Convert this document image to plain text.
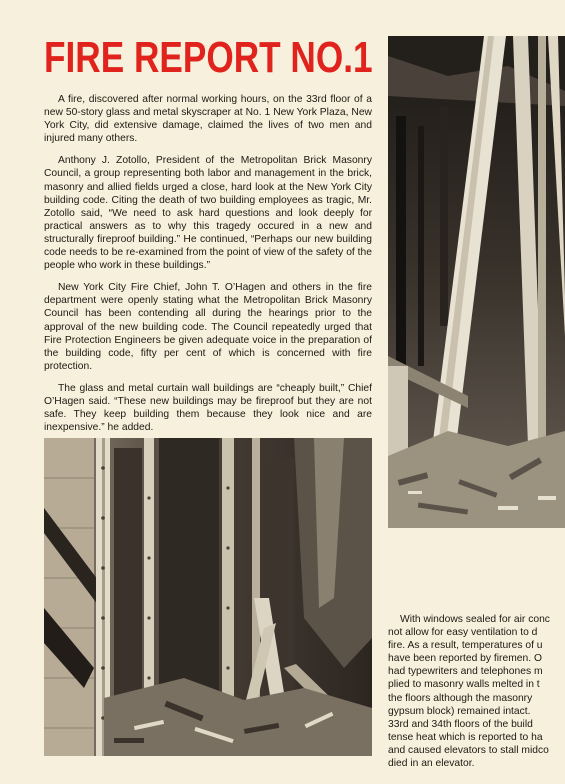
FIRE REPORT NO.1

A fire, discovered after normal working hours, on the 33rd floor of a new 50-story glass and metal skyscraper at No. 1 New York Plaza, New York City, did extensive damage, claimed the lives of two men and injured many others.

Anthony J. Zotollo, President of the Metropolitan Brick Masonry Council, a group representing both labor and management in the brick, masonry and allied fields urged a close, hard look at the New York City building code. Citing the death of two building employees as tragic, Mr. Zotollo said, “We need to ask hard questions and look deeply for practical answers as to why this tragedy occured in a new and structurally fireproof building.” He continued, “Perhaps our new building code needs to be re-examined from the point of view of the safety of the people who work in these buildings.”

New York City Fire Chief, John T. O’Hagen and others in the fire department were openly stating what the Metropolitan Brick Masonry Council has been contending all during the hearings prior to the approval of the new building code. The Council repeatedly urged that Fire Protection Engineers be given adequate voice in the preparation of the building code, fifty per cent of which is concerned with fire protection.

The glass and metal curtain wall buildings are “cheaply built,” Chief O’Hagen said. “These new buildings may be fireproof but they are not safe. They keep building them because they look nice and are inexpensive.” he added.

With windows sealed for air conc

not allow for easy ventilation to d

fire. As a result, temperatures of u

have been reported by firemen. O

had typewriters and telephones m

plied to masonry walls melted in t

the floors although the masonry

gypsum block) remained intact.

33rd and 34th floors of the build

tense heat which is reported to ha

and caused elevators to stall midco

died in an elevator.
